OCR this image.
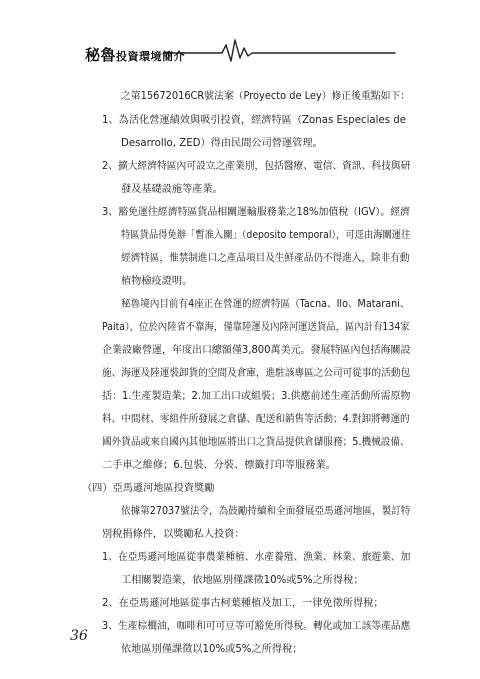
秘魯投資環境簡介
之第15672016CR號法案（Proyecto de Ley）修正後重點如下：
1、為活化營運績效與吸引投資，經濟特區（Zonas Especiales de
Desarrollo, ZED）得由民間公司營運管理。
2、擴大經濟特區內可設立之產業別，包括醫療、電信、資訊、科技與研
發及基礎設施等產業。
3、豁免運往經濟特區貨品相關運輸服務業之18%加值稅（IGV）。經濟
特區貨品得免辦「暫准入關」（deposito temporal），可逕由海關運往
經濟特區，惟禁制進口之產品項目及生鮮產品仍不得進入，除非有動
植物檢疫證明。
秘魯境內目前有4座正在營運的經濟特區（Tacna、Ilo、Matarani、
Paita），位於內陸省不靠海，僅靠陸運及內陸河運送貨品，區內計有134家
企業設廠營運，年度出口總額僅3,800萬美元。發展特區內包括海關設
施、海運及陸運裝卸貨的空間及倉庫，進駐該專區之公司可從事的活動包
括：1.生產製造業；2.加工出口或組裝；3.供應前述生產活動所需原物
料、中間材、零組件所發展之倉儲、配送和銷售等活動；4.對卸將轉運的
國外貨品或來自國內其他地區將出口之貨品提供倉儲服務；5.機械設備、
二手車之維修；6.包裝、分裝、標籤打印等服務業。
（四）亞馬遜河地區投資獎勵
依據第27037號法令，為鼓勵持續和全面發展亞馬遜河地區，製訂特
別稅捐條件，以獎勵私人投資：
1、在亞馬遜河地區從事農業種植、水產養殖、漁業、林業、旅遊業、加
工相關製造業，依地區別僅課徵10%或5%之所得稅；
2、在亞馬遜河地區從事古柯葉種植及加工，一律免徵所得稅；
3、生產棕櫚油，咖啡和可可豆等可豁免所得稅。轉化或加工該等產品應
依地區別僅課徵以10%或5%之所得稅；
36
